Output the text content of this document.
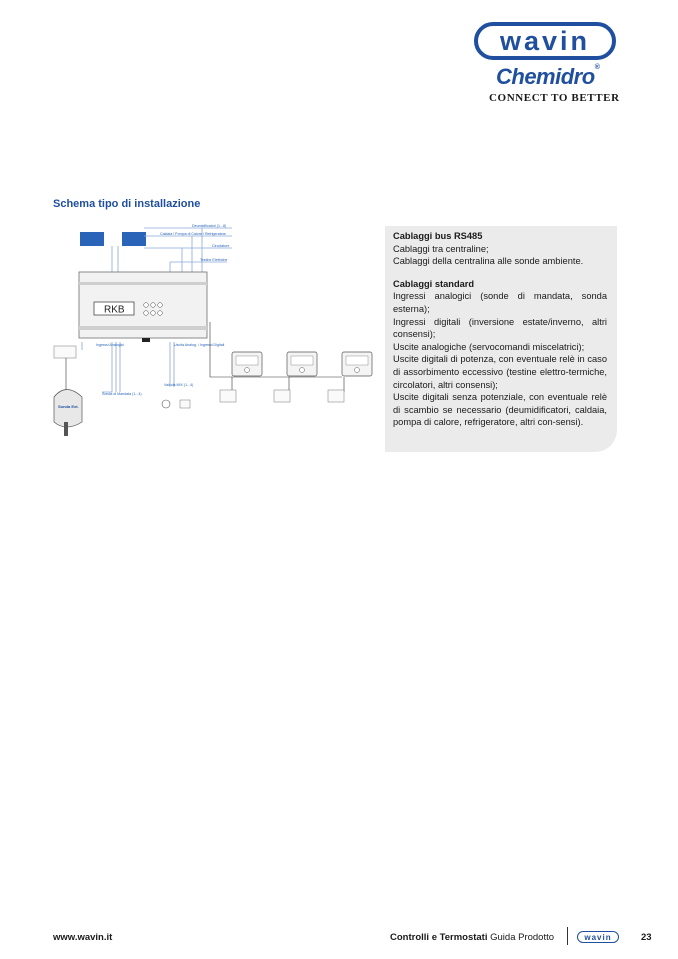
wavin
Chemidro®
CONNECT TO BETTER
Schema tipo di installazione
Deumidificatori (1...8)
Caldaia / Pompa di Calore / Refrigeratore
Circolatore
Testine Elettriche
RKB
Ingressi Analogici	Uscita Analog. / Ingressi Digitali
Sonda di Mandata (1...4)
Valvola MIX (1...4)
Sonda Ext.
Cablaggi bus RS485
Cablaggi tra centraline;
Cablaggi della centralina alle sonde ambiente.
Cablaggi standard
Ingressi analogici (sonde di mandata, sonda esterna);
Ingressi digitali (inversione estate/inverno, altri consensi);
Uscite analogiche (servocomandi miscelatrici);
Uscite digitali di potenza, con eventuale relè in caso di assorbimento eccessivo (testine elettro-termiche, circolatori, altri consensi);
Uscite digitali senza potenziale, con eventuale relè di scambio se necessario (deumidificatori, caldaia, pompa di calore, refrigeratore, altri con-sensi).
www.wavin.it	Controlli e Termostati Guida Prodotto	wavin	23
